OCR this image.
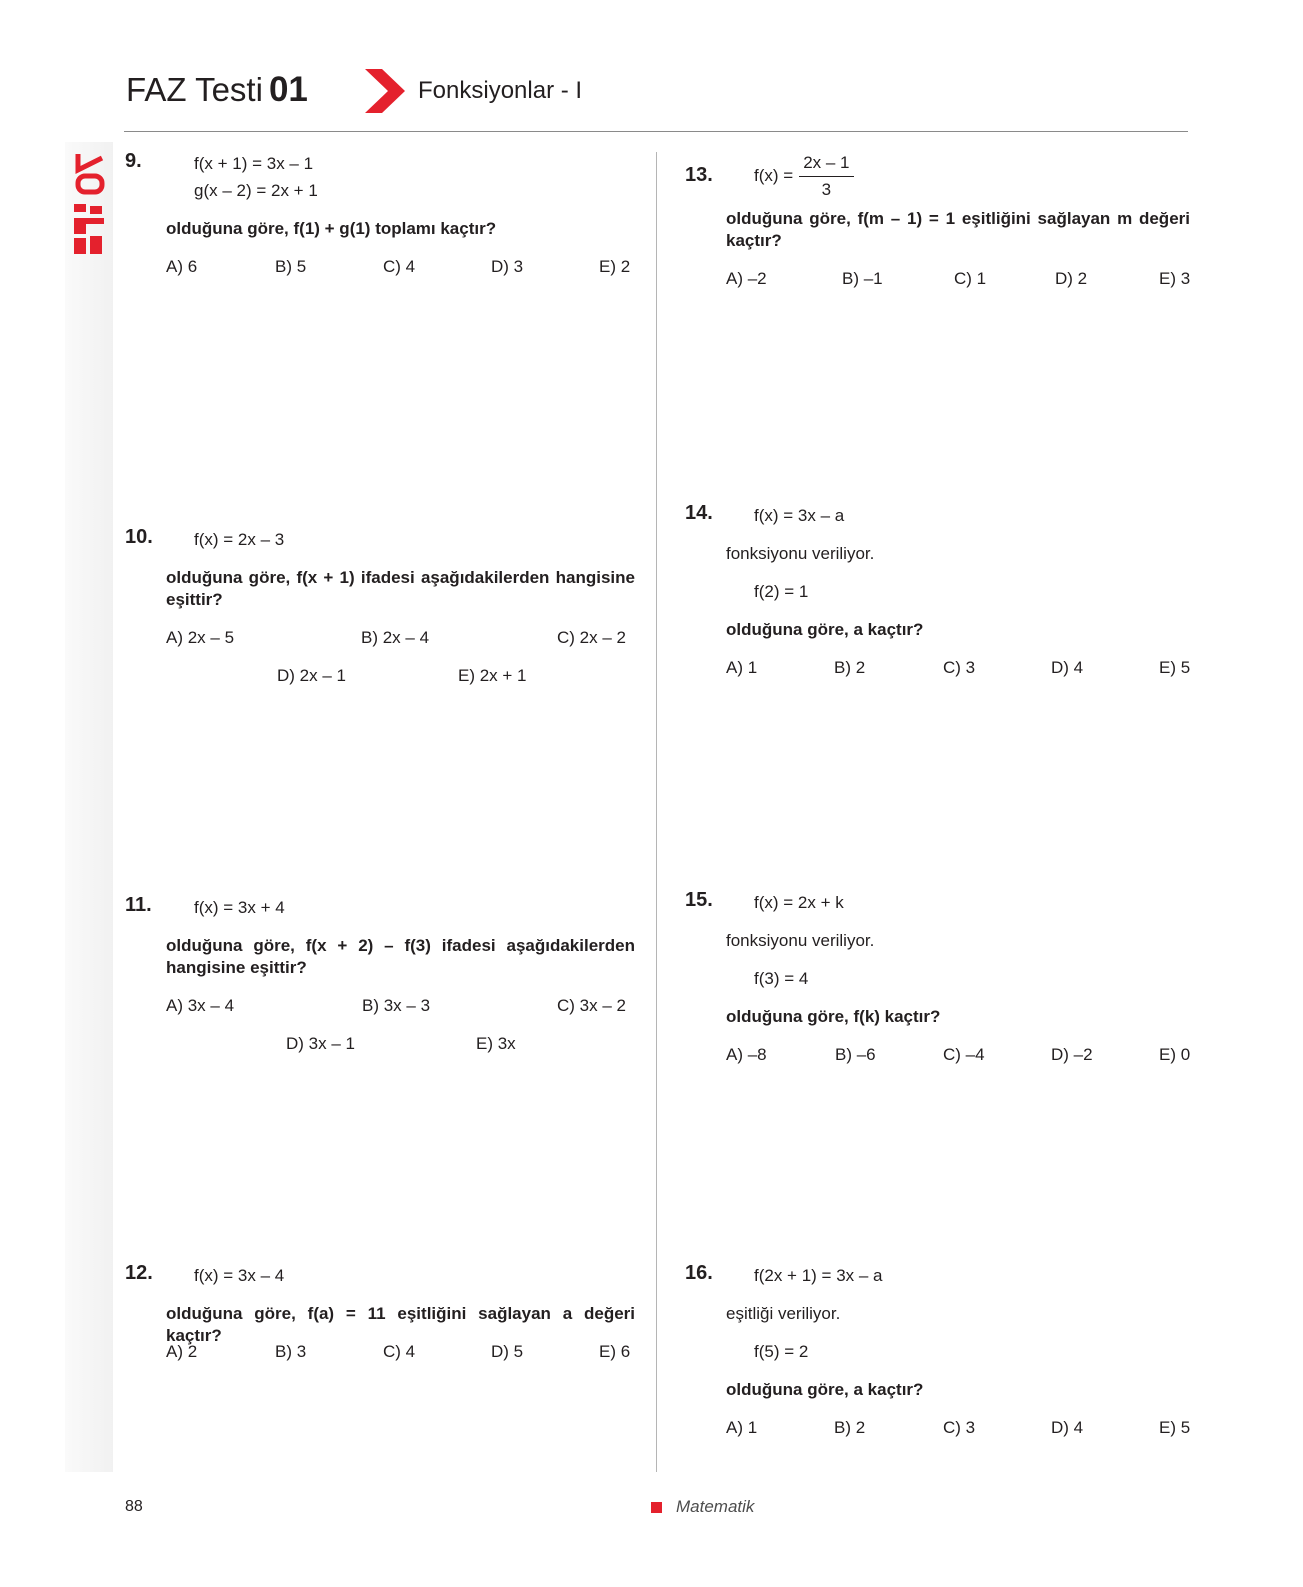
FAZ Testi 01	Fonksiyonlar - I
9.	f(x + 1) = 3x – 1
g(x – 2) = 2x + 1
olduğuna göre, f(1) + g(1) toplamı kaçtır?
A) 6	B) 5	C) 4	D) 3	E) 2
10. f(x) = 2x – 3
olduğuna göre, f(x + 1) ifadesi aşağıdakilerden hangisine eşittir?
A) 2x – 5	B) 2x – 4	C) 2x – 2
D) 2x – 1	E) 2x + 1
11. f(x) = 3x + 4
olduğuna göre, f(x + 2) – f(3) ifadesi aşağıdakilerden hangisine eşittir?
A) 3x – 4	B) 3x – 3	C) 3x – 2
D) 3x – 1	E) 3x
12. f(x) = 3x – 4
olduğuna göre, f(a) = 11 eşitliğini sağlayan a değeri kaçtır?
A) 2	B) 3	C) 4	D) 5	E) 6
13. $f(x) = \frac{2x - 1}{3}$
olduğuna göre, f(m – 1) = 1 eşitliğini sağlayan m değeri kaçtır?
A) –2	B) –1	C) 1	D) 2	E) 3
14. f(x) = 3x – a
fonksiyonu veriliyor.
f(2) = 1
olduğuna göre, a kaçtır?
A) 1	B) 2	C) 3	D) 4	E) 5
15. f(x) = 2x + k
fonksiyonu veriliyor.
f(3) = 4
olduğuna göre, f(k) kaçtır?
A) –8	B) –6	C) –4	D) –2	E) 0
16. f(2x + 1) = 3x – a
eşitliği veriliyor.
f(5) = 2
olduğuna göre, a kaçtır?
A) 1	B) 2	C) 3	D) 4	E) 5
88	Matematik
